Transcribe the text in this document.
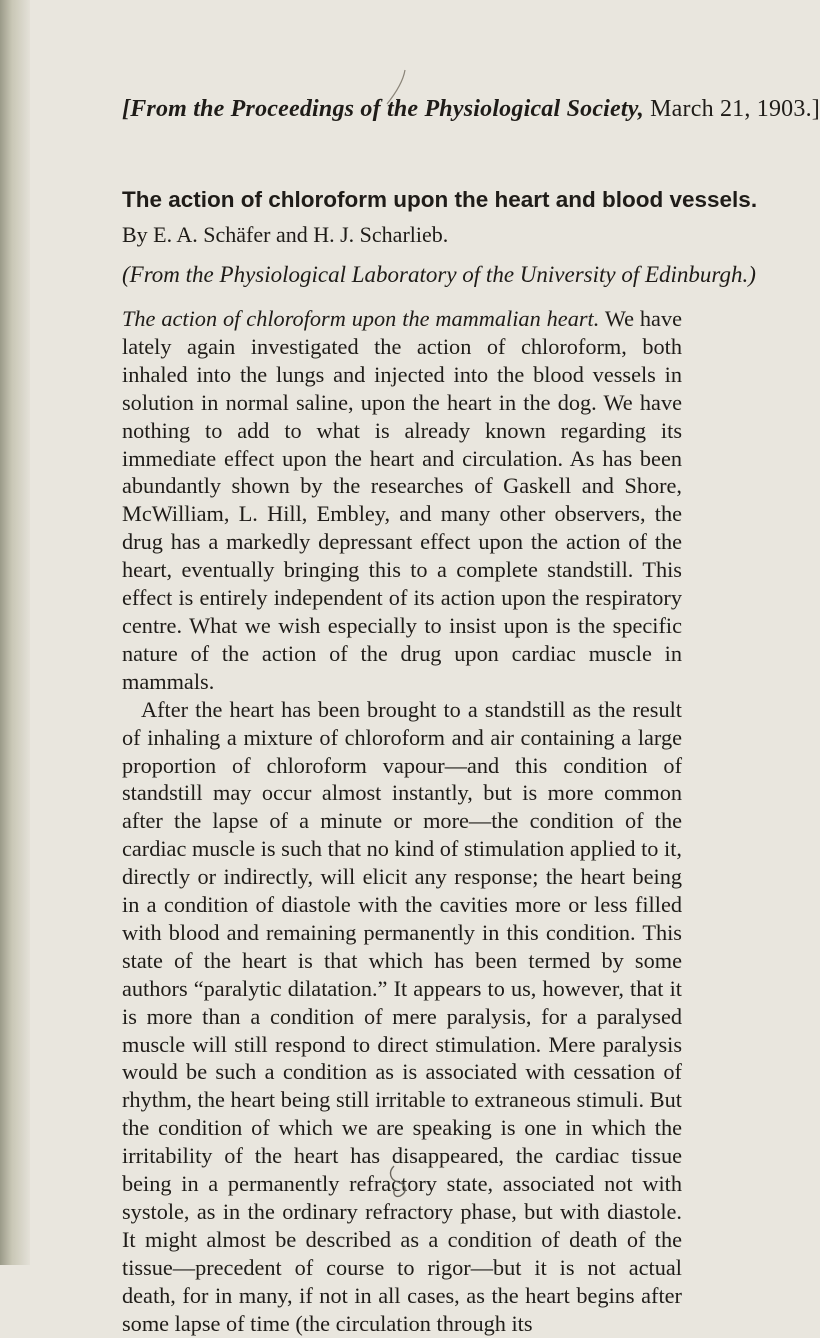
[From the Proceedings of the Physiological Society, March 21, 1903.]
The action of chloroform upon the heart and blood vessels.
By E. A. Schäfer and H. J. Scharlieb.
(From the Physiological Laboratory of the University of Edinburgh.)

The action of chloroform upon the mammalian heart. We have lately again investigated the action of chloroform, both inhaled into the lungs and injected into the blood vessels in solution in normal saline, upon the heart in the dog. We have nothing to add to what is already known regarding its immediate effect upon the heart and circulation. As has been abundantly shown by the researches of Gaskell and Shore, McWilliam, L. Hill, Embley, and many other observers, the drug has a markedly depressant effect upon the action of the heart, eventually bringing this to a complete standstill. This effect is entirely independent of its action upon the respiratory centre. What we wish especially to insist upon is the specific nature of the action of the drug upon cardiac muscle in mammals.

After the heart has been brought to a standstill as the result of inhaling a mixture of chloroform and air containing a large proportion of chloroform vapour—and this condition of standstill may occur almost instantly, but is more common after the lapse of a minute or more—the condition of the cardiac muscle is such that no kind of stimulation applied to it, directly or indirectly, will elicit any response; the heart being in a condition of diastole with the cavities more or less filled with blood and remaining permanently in this condition. This state of the heart is that which has been termed by some authors “paralytic dilatation.” It appears to us, however, that it is more than a condition of mere paralysis, for a paralysed muscle will still respond to direct stimulation. Mere paralysis would be such a condition as is associated with cessation of rhythm, the heart being still irritable to extraneous stimuli. But the condition of which we are speaking is one in which the irritability of the heart has disappeared, the cardiac tissue being in a permanently refractory state, associated not with systole, as in the ordinary refractory phase, but with diastole. It might almost be described as a condition of death of the tissue—precedent of course to rigor—but it is not actual death, for in many, if not in all cases, as the heart begins after some lapse of time (the circulation through its
